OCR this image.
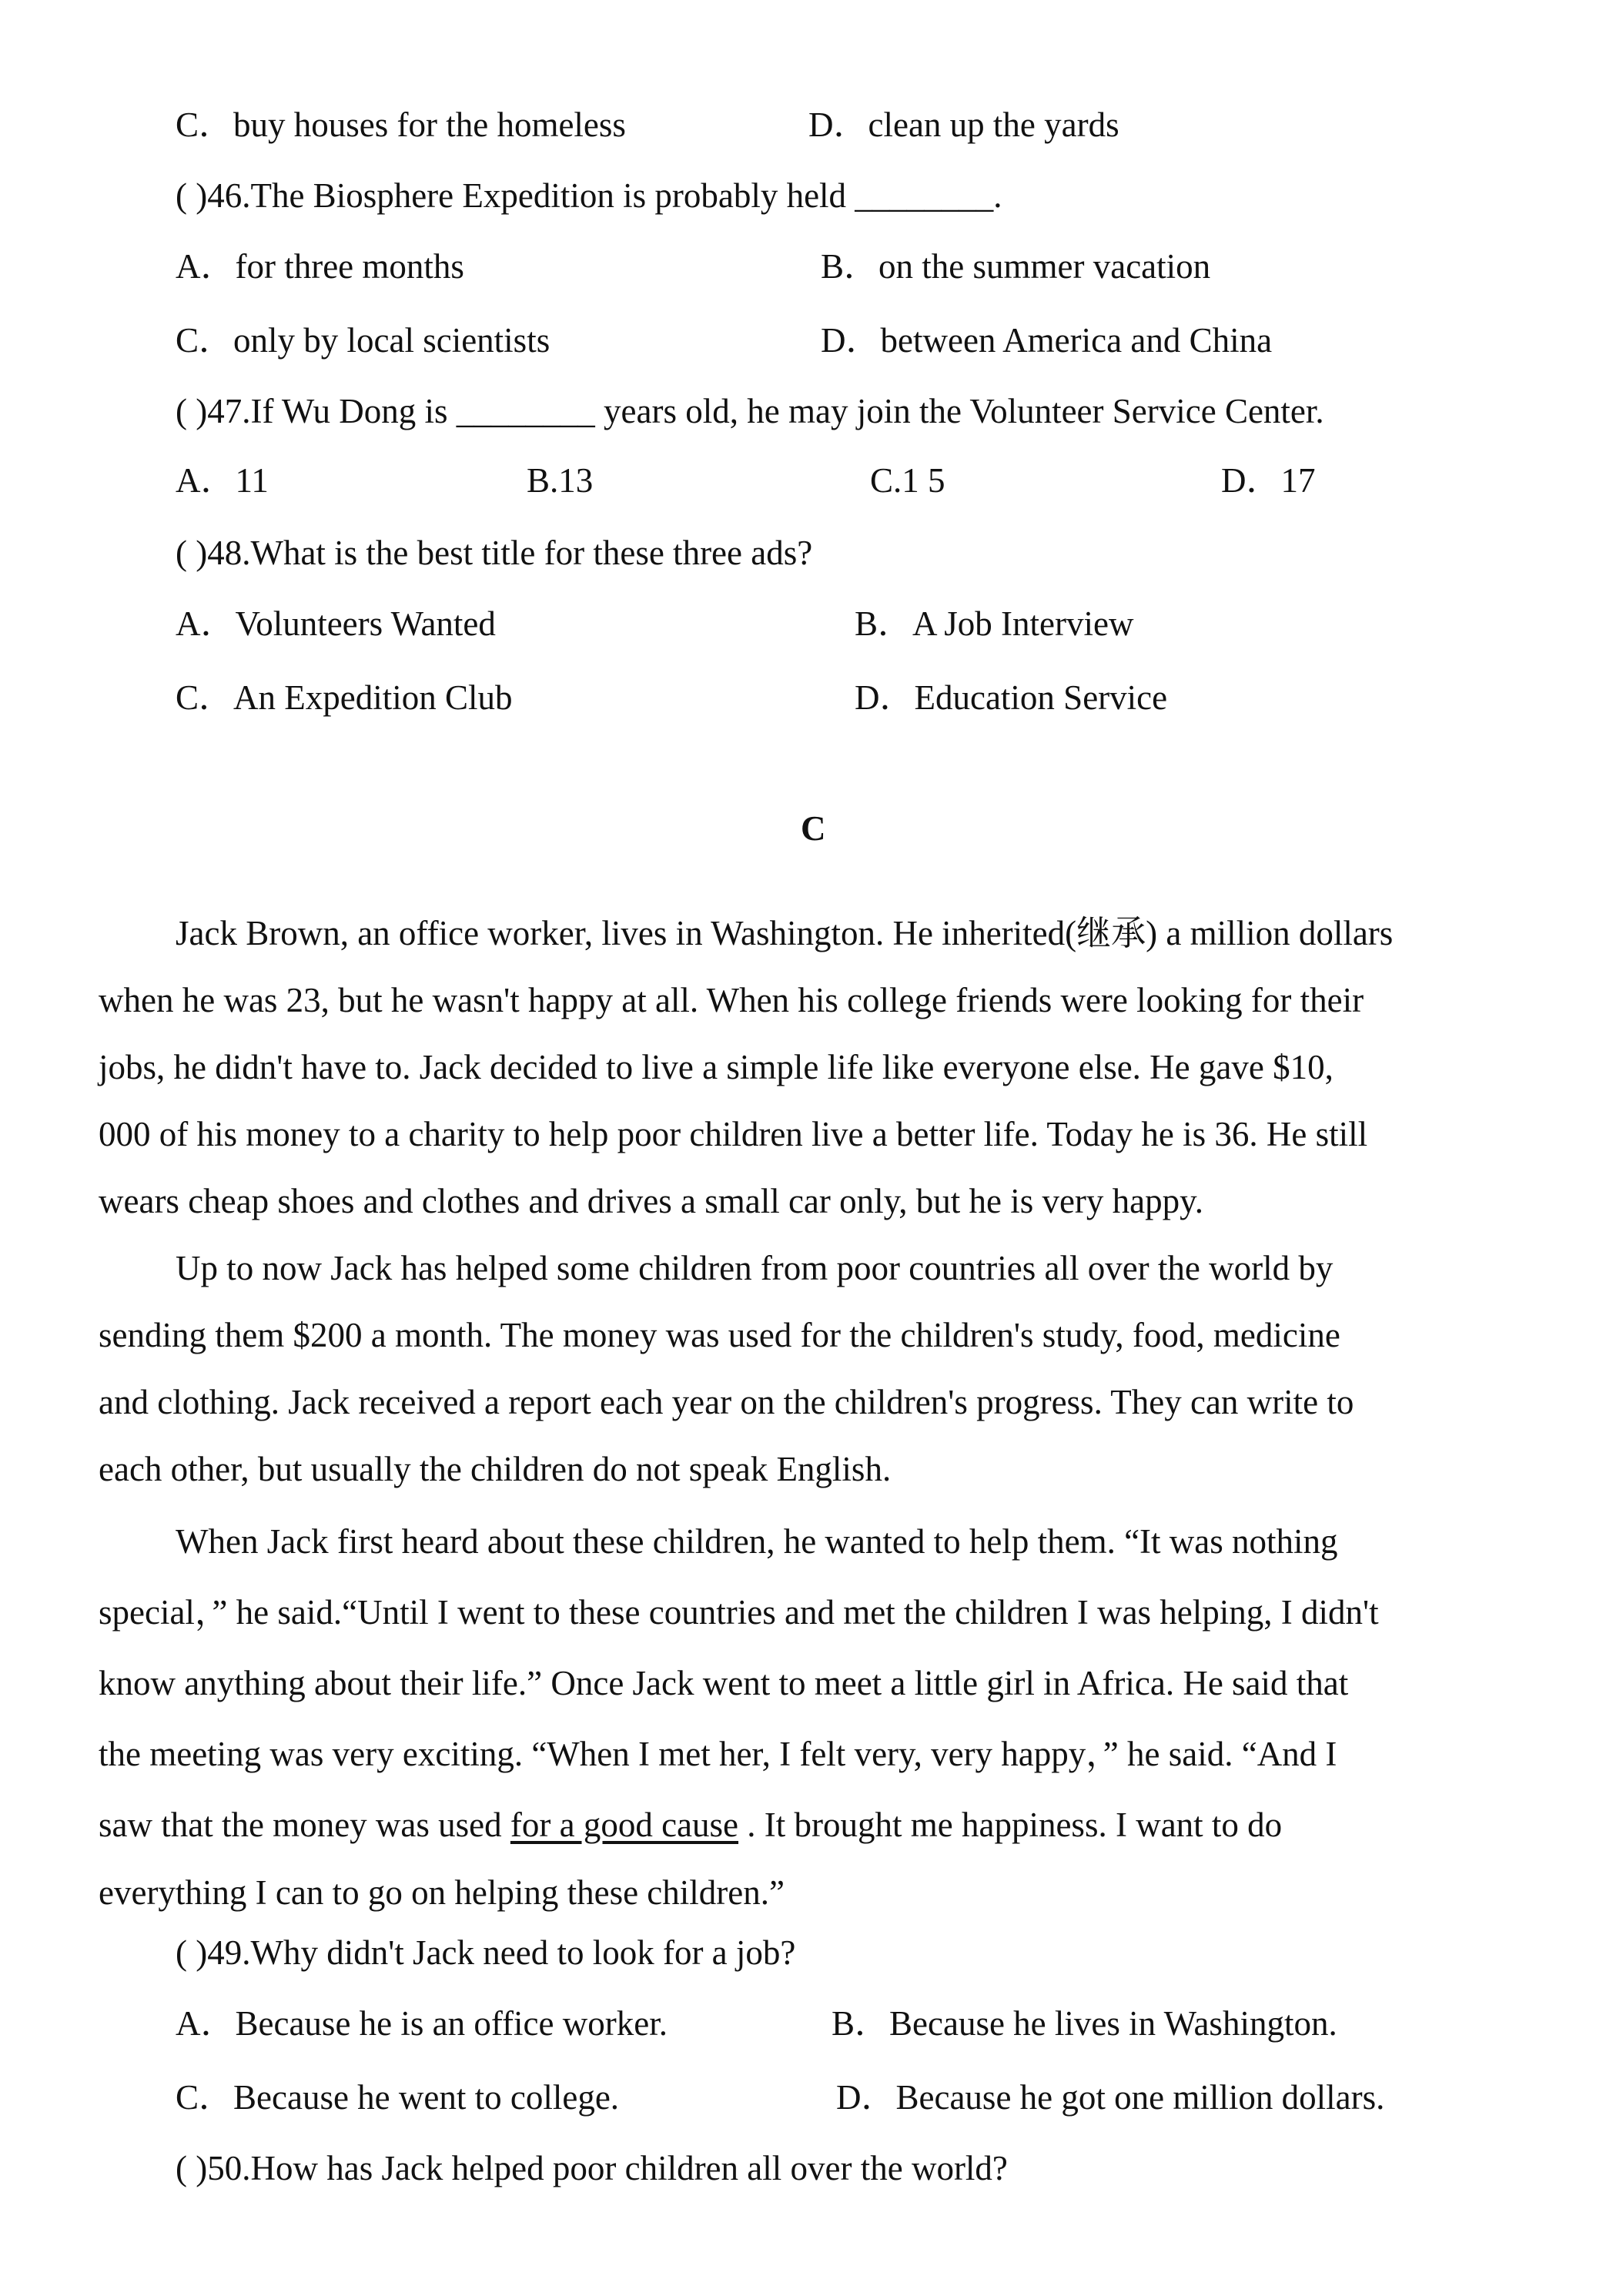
C．buy houses for the homeless	D．clean up the yards
( )46.The Biosphere Expedition is probably held ________.
A．for three months	B．on the summer vacation
C．only by local scientists	D．between America and China
( )47.If Wu Dong is ________ years old, he may join the Volunteer Service Center.
A．11	B.13	C.1 5	D．17
( )48.What is the best title for these three ads?
A．Volunteers Wanted	B．A Job Interview
C．An Expedition Club	D．Education Service
C
Jack Brown, an office worker, lives in Washington. He inherited(继承) a million dollars
when he was 23, but he wasn't happy at all. When his college friends were looking for their
jobs, he didn't have to. Jack decided to live a simple life like everyone else. He gave $10,
000 of his money to a charity to help poor children live a better life. Today he is 36. He still
wears cheap shoes and clothes and drives a small car only, but he is very happy.
Up to now Jack has helped some children from poor countries all over the world by
sending them $200 a month. The money was used for the children's study, food, medicine
and clothing. Jack received a report each year on the children's progress. They can write to
each other, but usually the children do not speak English.
When Jack first heard about these children, he wanted to help them. “It was nothing
special，” he said.“Until I went to these countries and met the children I was helping, I didn't
know anything about their life.” Once Jack went to meet a little girl in Africa. He said that
the meeting was very exciting. “When I met her, I felt very, very happy，” he said. “And I
saw that the money was used for a good cause . It brought me happiness. I want to do
everything I can to go on helping these children.”
( )49.Why didn't Jack need to look for a job?
A．Because he is an office worker.	B．Because he lives in Washington.
C．Because he went to college.	D．Because he got one million dollars.
( )50.How has Jack helped poor children all over the world?
